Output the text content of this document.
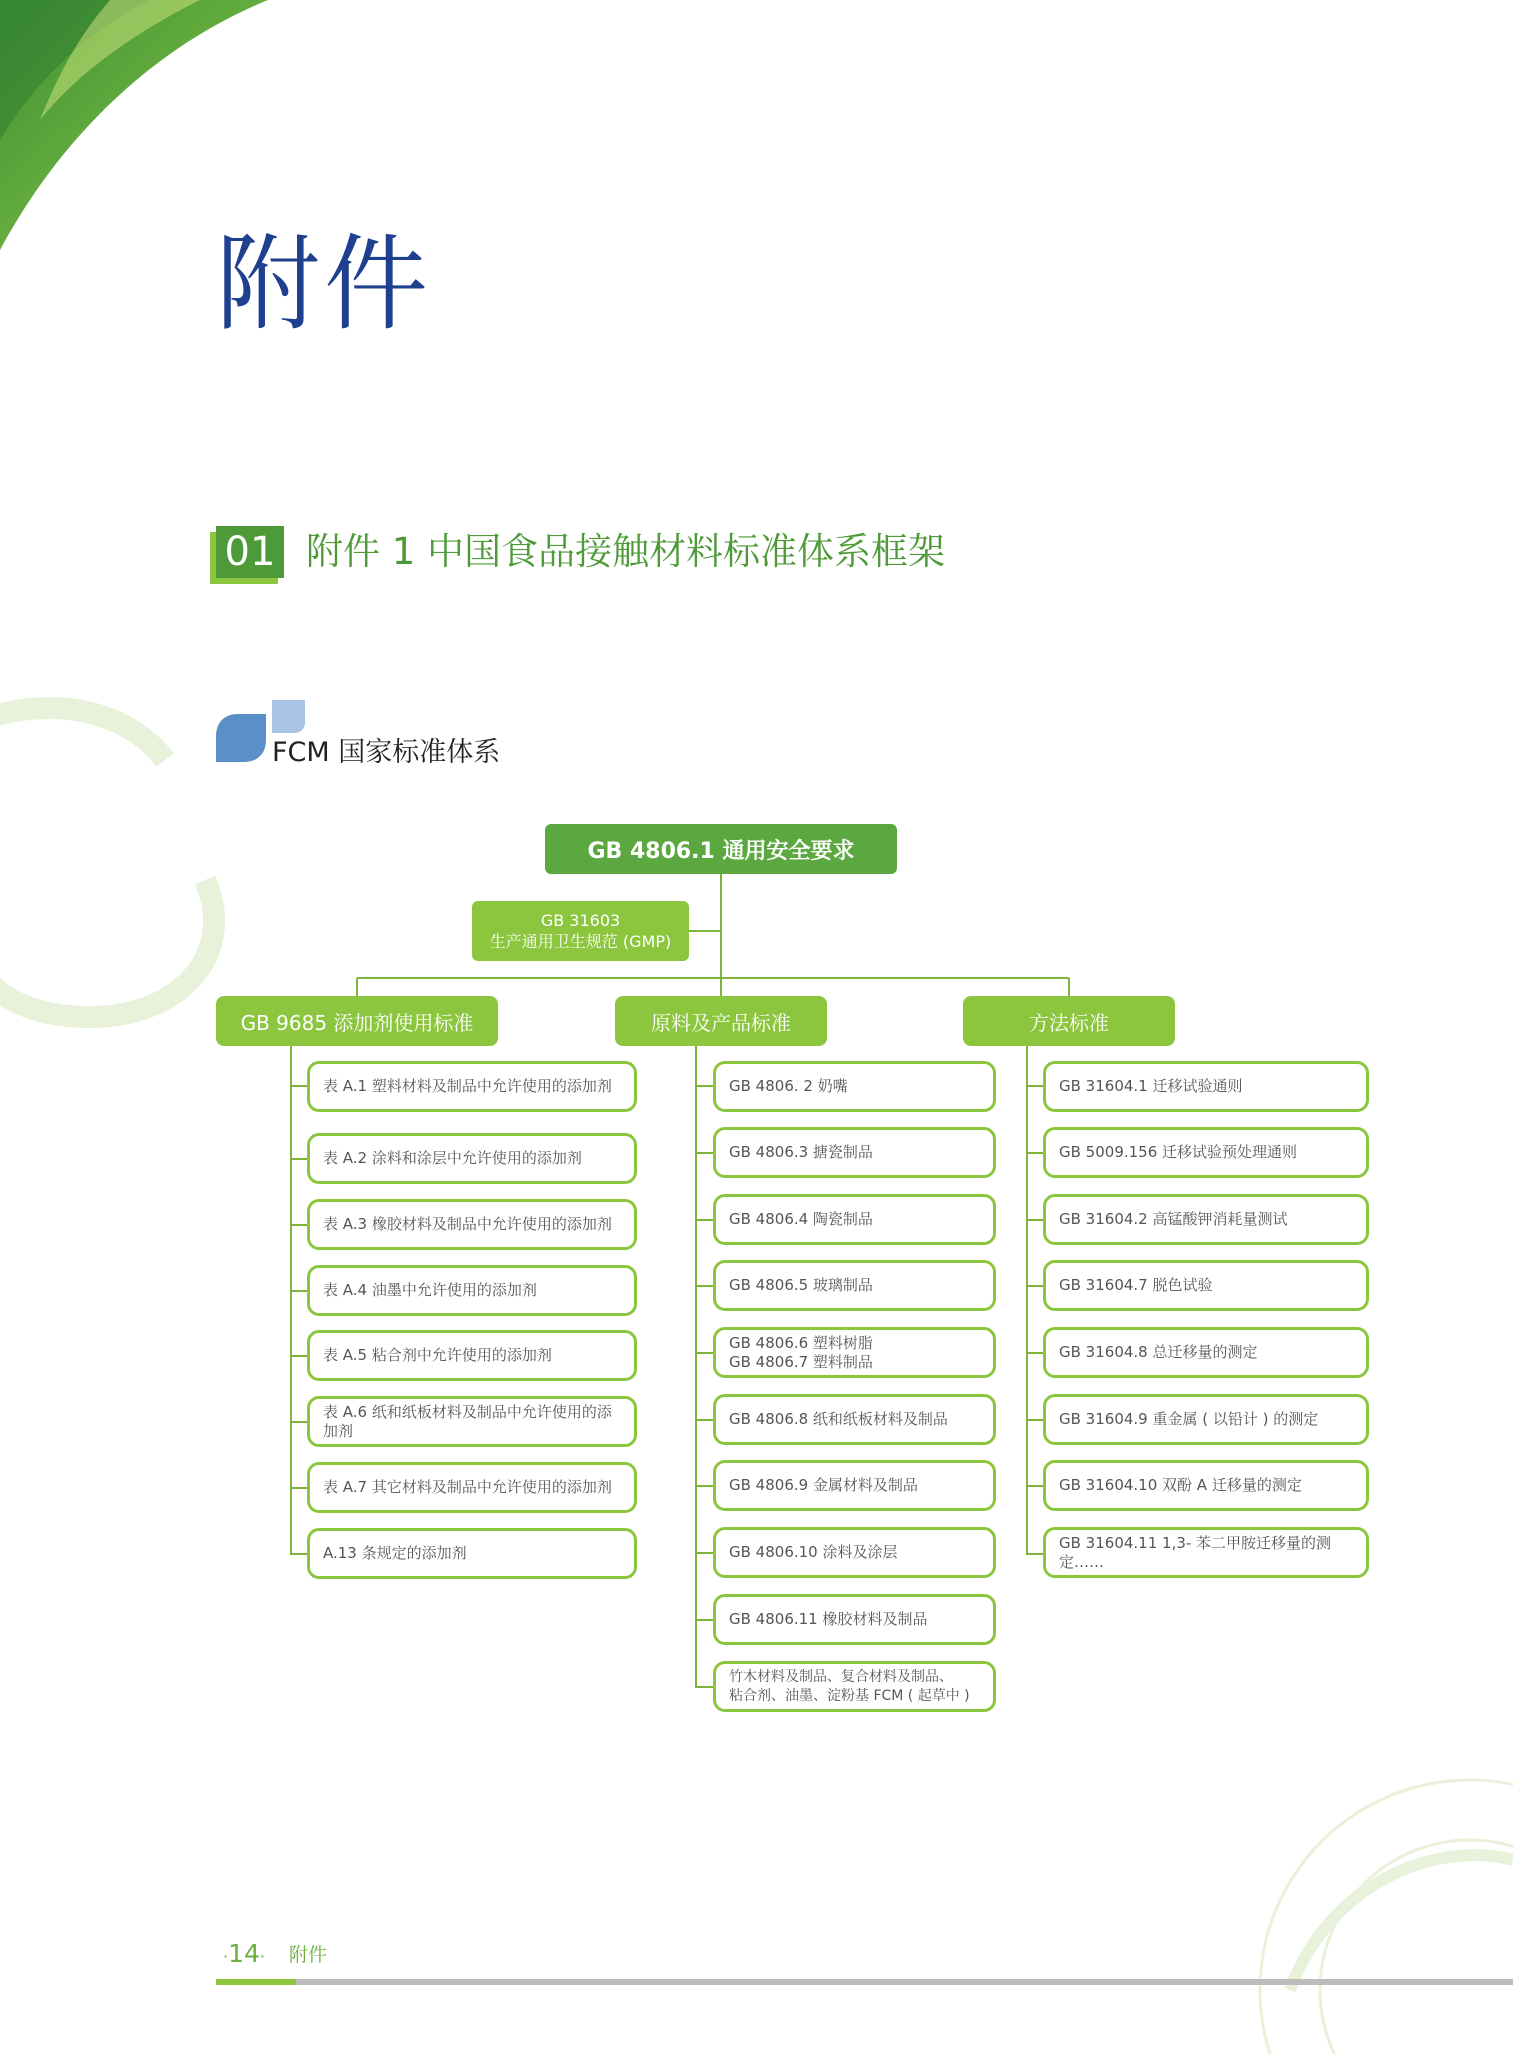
附件
01 附件 1 中国食品接触材料标准体系框架
FCM 国家标准体系
GB 4806.1 通用安全要求
GB 31603
生产通用卫生规范 (GMP)
GB 9685 添加剂使用标准	原料及产品标准	方法标准
表 A.1 塑料材料及制品中允许使用的添加剂
表 A.2 涂料和涂层中允许使用的添加剂
表 A.3 橡胶材料及制品中允许使用的添加剂
表 A.4 油墨中允许使用的添加剂
表 A.5 粘合剂中允许使用的添加剂
表 A.6 纸和纸板材料及制品中允许使用的添
加剂
表 A.7 其它材料及制品中允许使用的添加剂
A.13 条规定的添加剂
GB 4806. 2 奶嘴
GB 4806.3 搪瓷制品
GB 4806.4 陶瓷制品
GB 4806.5 玻璃制品
GB 4806.6 塑料树脂
GB 4806.7 塑料制品
GB 4806.8 纸和纸板材料及制品
GB 4806.9 金属材料及制品
GB 4806.10 涂料及涂层
GB 4806.11 橡胶材料及制品
竹木材料及制品、复合材料及制品、
粘合剂、油墨、淀粉基 FCM ( 起草中 )
GB 31604.1 迁移试验通则
GB 5009.156 迁移试验预处理通则
GB 31604.2 高锰酸钾消耗量测试
GB 31604.7 脱色试验
GB 31604.8 总迁移量的测定
GB 31604.9 重金属 ( 以铅计 ) 的测定
GB 31604.10 双酚 A 迁移量的测定
GB 31604.11 1,3- 苯二甲胺迁移量的测
定……
·14· 附件
